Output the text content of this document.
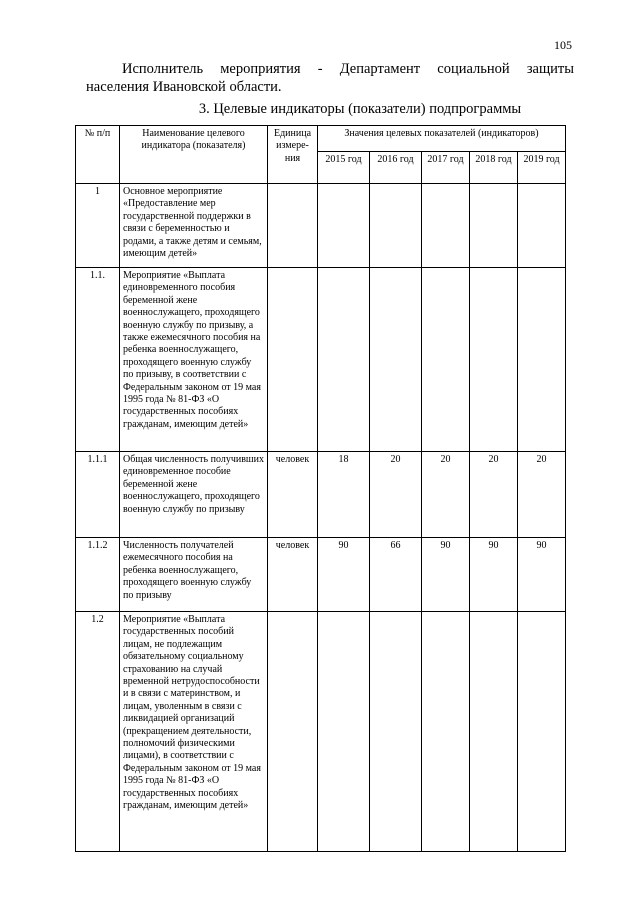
105
Исполнитель мероприятия - Департамент социальной защиты
населения Ивановской области.
3. Целевые индикаторы (показатели) подпрограммы
№ п/п	Наименование целевого индикатора (показателя)	Единица измере-ния	Значения целевых показателей (индикаторов)				
			2015 год	2016 год	2017 год	2018 год	2019 год
1	Основное мероприятие «Предоставление мер государственной поддержки в связи с беременностью и родами, а также детям и семьям, имеющим детей»						
1.1.	Мероприятие «Выплата единовременного пособия беременной жене военнослужащего, проходящего военную службу по призыву, а также ежемесячного пособия на ребенка военнослужащего, проходящего военную службу по призыву, в соответствии с Федеральным законом от 19 мая 1995 года № 81-ФЗ «О государственных пособиях гражданам, имеющим детей»						
1.1.1	Общая численность получивших единовременное пособие беременной жене военнослужащего, проходящего военную службу по призыву	человек	18	20	20	20	20
1.1.2	Численность получателей ежемесячного пособия на ребенка военнослужащего, проходящего военную службу по призыву	человек	90	66	90	90	90
1.2	Мероприятие «Выплата государственных пособий лицам, не подлежащим обязательному социальному страхованию на случай временной нетрудоспособности и в связи с материнством, и лицам, уволенным в связи с ликвидацией организаций (прекращением деятельности, полномочий физическими лицами), в соответствии с Федеральным законом от 19 мая 1995 года № 81-ФЗ «О государственных пособиях гражданам, имеющим детей»						
